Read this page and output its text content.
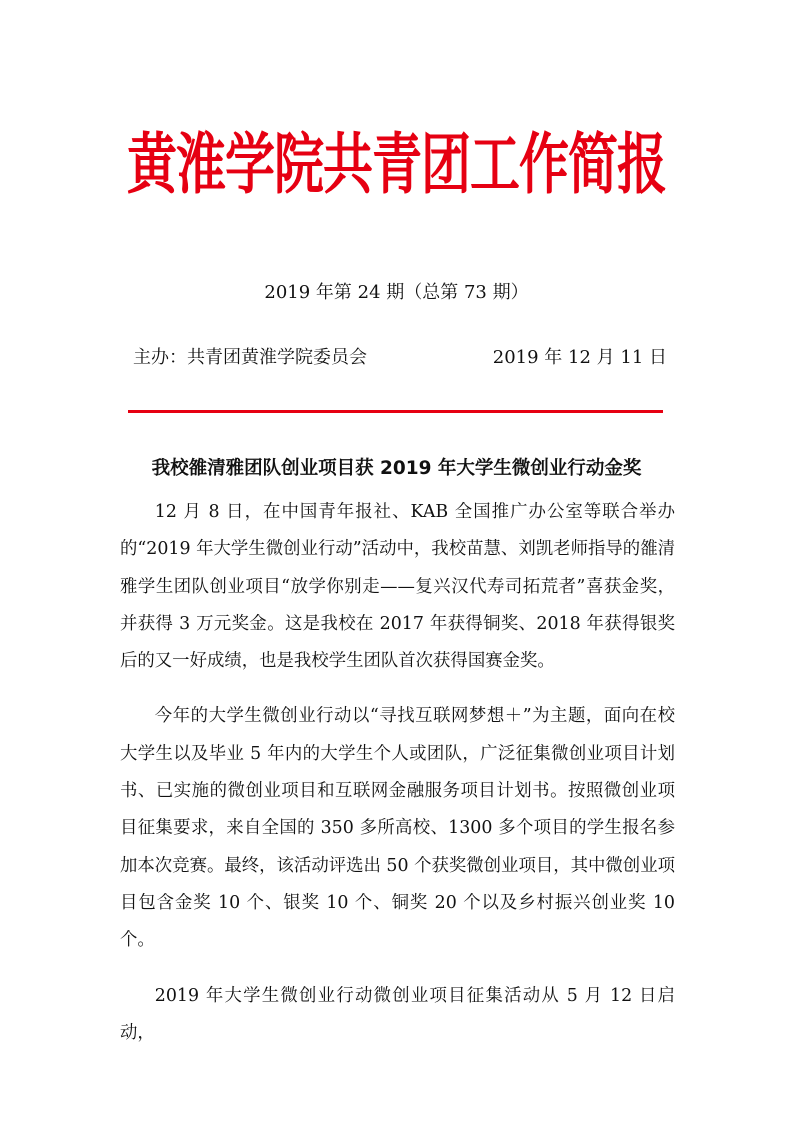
黄淮学院共青团工作简报
2019 年第 24 期（总第 73 期）
主办：共青团黄淮学院委员会	2019 年 12 月 11 日
我校雒清雅团队创业项目获 2019 年大学生微创业行动金奖

12 月 8 日，在中国青年报社、KAB 全国推广办公室等联合举办的“2019 年大学生微创业行动”活动中，我校苗慧、刘凯老师指导的雒清雅学生团队创业项目“放学你别走——复兴汉代寿司拓荒者”喜获金奖，并获得 3 万元奖金。这是我校在 2017 年获得铜奖、2018 年获得银奖后的又一好成绩，也是我校学生团队首次获得国赛金奖。

今年的大学生微创业行动以“寻找互联网梦想＋”为主题，面向在校大学生以及毕业 5 年内的大学生个人或团队，广泛征集微创业项目计划书、已实施的微创业项目和互联网金融服务项目计划书。按照微创业项目征集要求，来自全国的 350 多所高校、1300 多个项目的学生报名参加本次竞赛。最终，该活动评选出 50 个获奖微创业项目，其中微创业项目包含金奖 10 个、银奖 10 个、铜奖 20 个以及乡村振兴创业奖 10 个。

2019 年大学生微创业行动微创业项目征集活动从 5 月 12 日启动，
